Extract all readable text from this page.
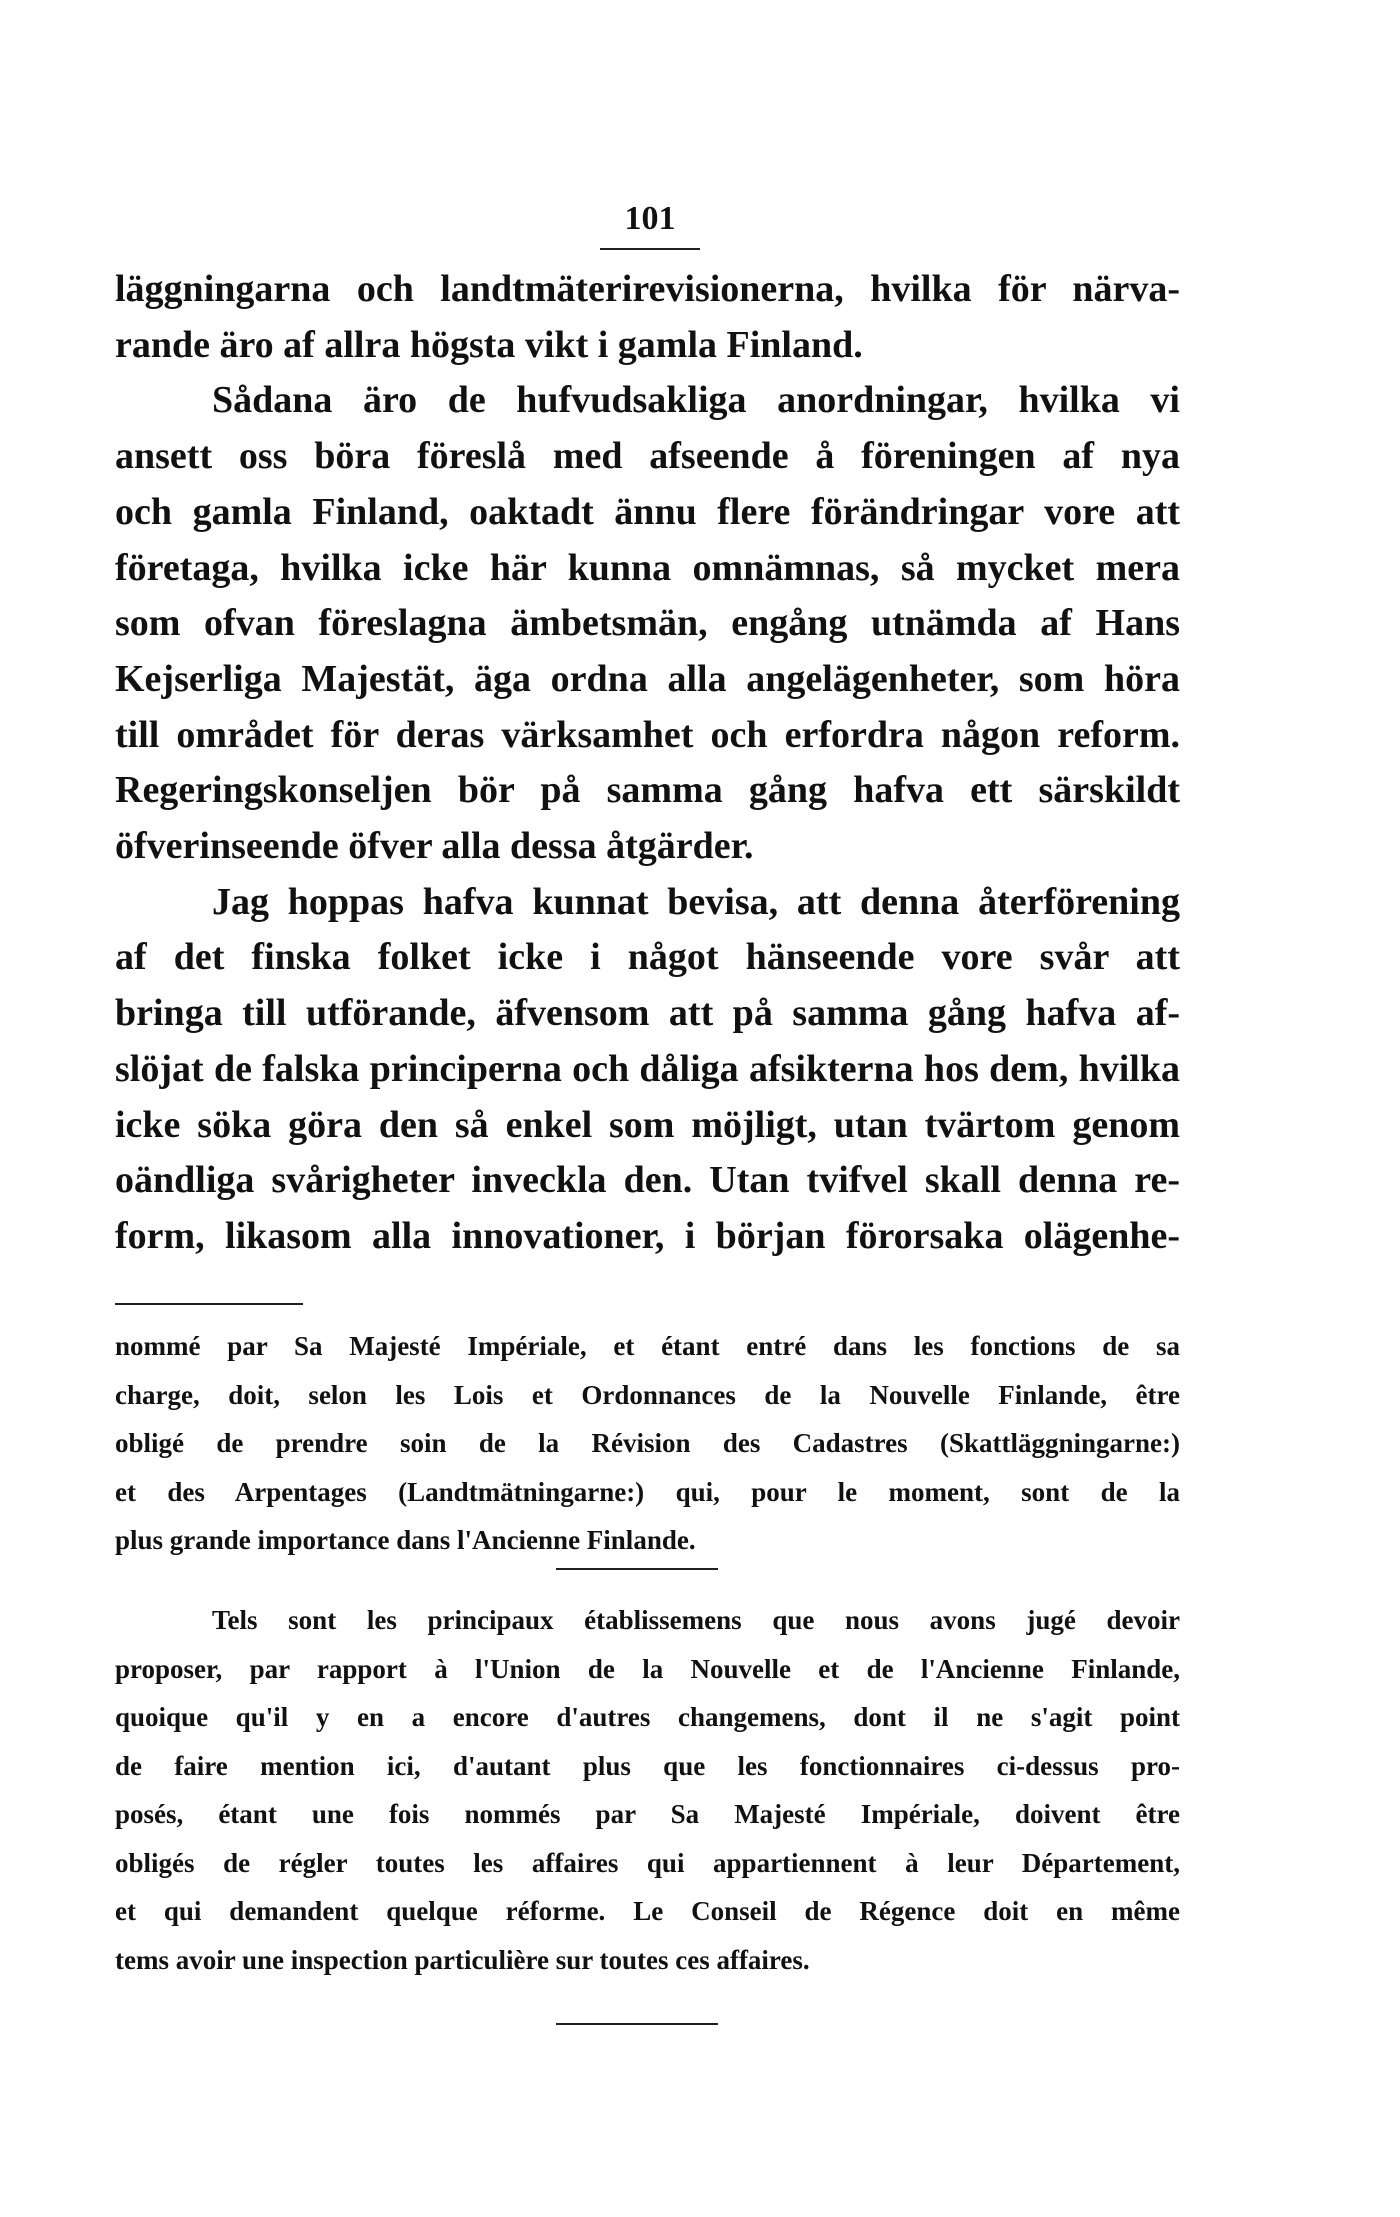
101

läggningarna och landtmäterirevisionerna, hvilka för närva-

rande äro af allra högsta vikt i gamla Finland.

Sådana äro de hufvudsakliga anordningar, hvilka vi

ansett oss böra föreslå med afseende å föreningen af nya

och gamla Finland, oaktadt ännu flere förändringar vore att

företaga, hvilka icke här kunna omnämnas, så mycket mera

som ofvan föreslagna ämbetsmän, engång utnämda af Hans

Kejserliga Majestät, äga ordna alla angelägenheter, som höra

till området för deras värksamhet och erfordra någon reform.

Regeringskonseljen bör på samma gång hafva ett särskildt

öfverinseende öfver alla dessa åtgärder.

Jag hoppas hafva kunnat bevisa, att denna återförening

af det finska folket icke i något hänseende vore svår att

bringa till utförande, äfvensom att på samma gång hafva af-

slöjat de falska principerna och dåliga afsikterna hos dem, hvilka

icke söka göra den så enkel som möjligt, utan tvärtom genom

oändliga svårigheter inveckla den. Utan tvifvel skall denna re-

form, likasom alla innovationer, i början förorsaka olägenhe-

nommé par Sa Majesté Impériale, et étant entré dans les fonctions de sa

charge, doit, selon les Lois et Ordonnances de la Nouvelle Finlande, être

obligé de prendre soin de la Révision des Cadastres (Skattläggningarne:)

et des Arpentages (Landtmätningarne:) qui, pour le moment, sont de la

plus grande importance dans l'Ancienne Finlande.

Tels sont les principaux établissemens que nous avons jugé devoir

proposer, par rapport à l'Union de la Nouvelle et de l'Ancienne Finlande,

quoique qu'il y en a encore d'autres changemens, dont il ne s'agit point

de faire mention ici, d'autant plus que les fonctionnaires ci-dessus pro-

posés, étant une fois nommés par Sa Majesté Impériale, doivent être

obligés de régler toutes les affaires qui appartiennent à leur Département,

et qui demandent quelque réforme. Le Conseil de Régence doit en même

tems avoir une inspection particulière sur toutes ces affaires.
